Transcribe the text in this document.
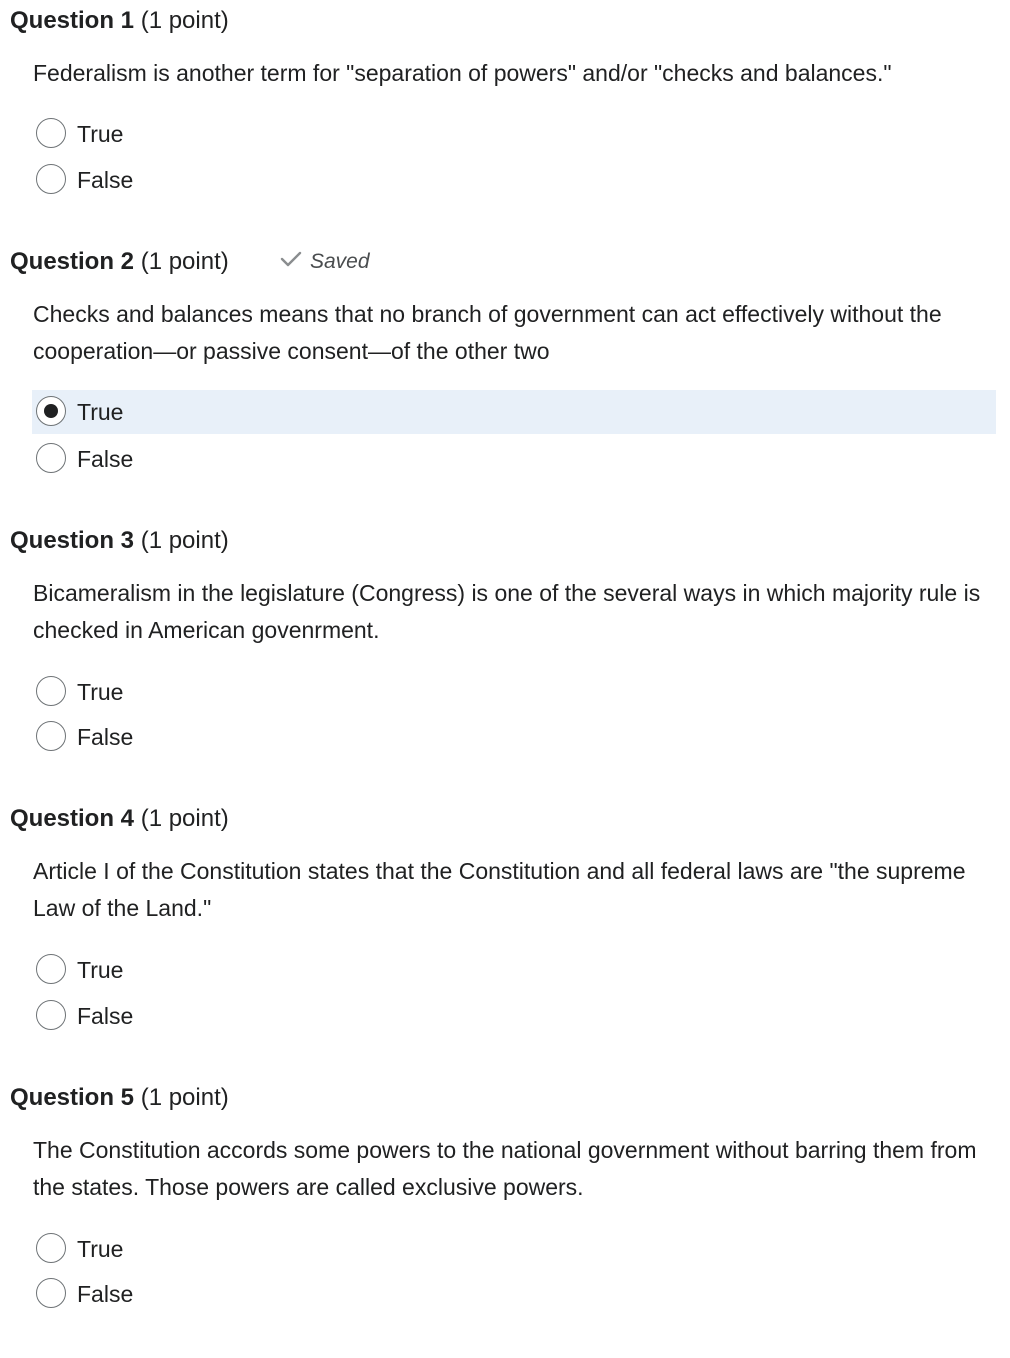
Question 1 (1 point)
Federalism is another term for "separation of powers" and/or "checks and balances."
True
False
Question 2 (1 point)	Saved
Checks and balances means that no branch of government can act effectively without the cooperation—or passive consent—of the other two
True
False
Question 3 (1 point)
Bicameralism in the legislature (Congress) is one of the several ways in which majority rule is checked in American govenrment.
True
False
Question 4 (1 point)
Article I of the Constitution states that the Constitution and all federal laws are "the supreme Law of the Land."
True
False
Question 5 (1 point)
The Constitution accords some powers to the national government without barring them from the states. Those powers are called exclusive powers.
True
False
